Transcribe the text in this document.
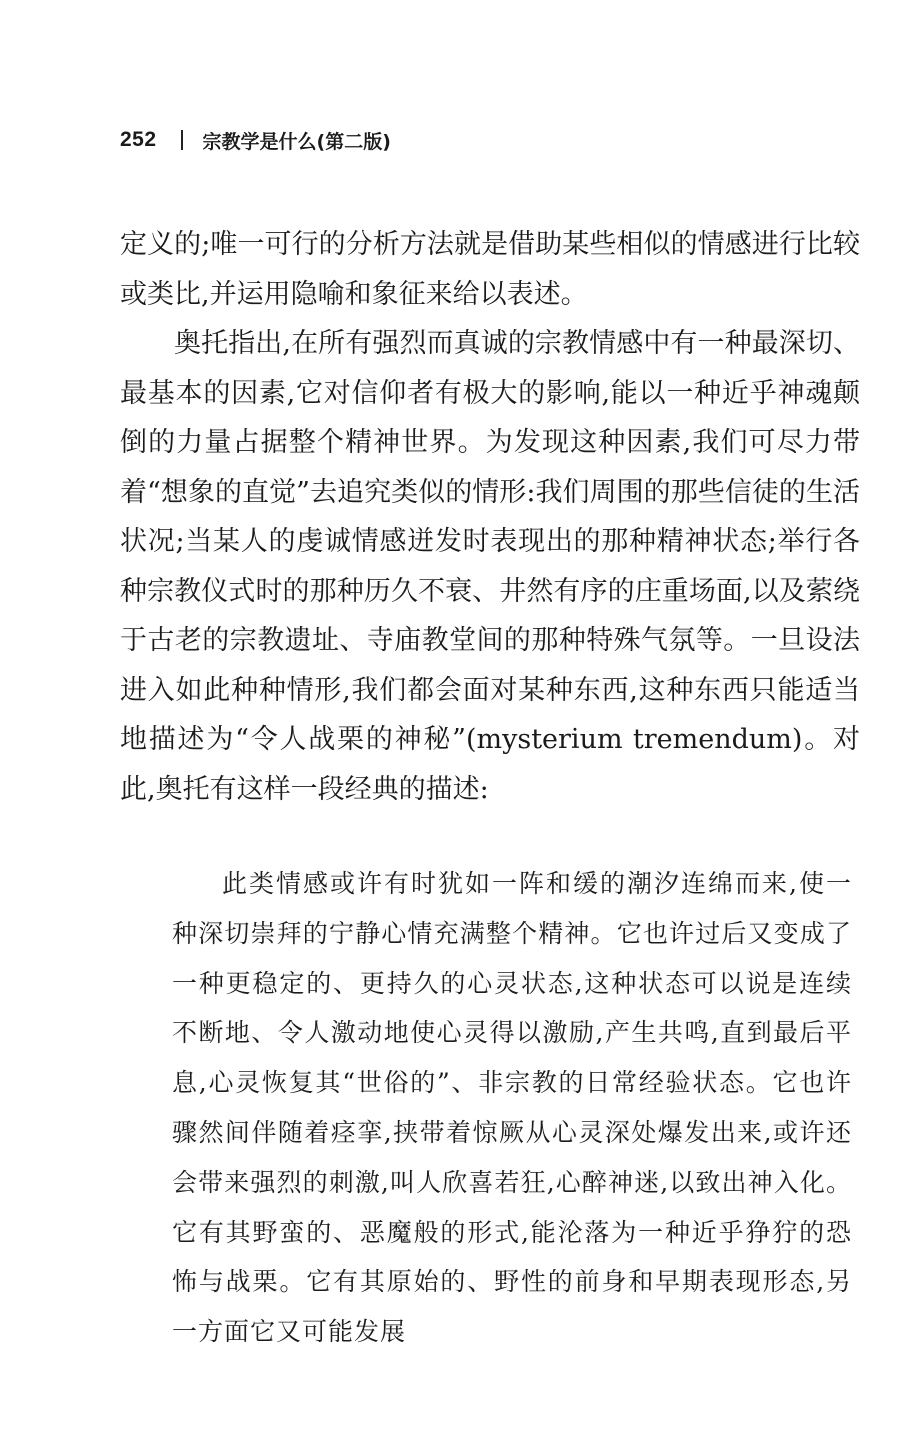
252 宗教学是什么(第二版)

定义的;唯一可行的分析方法就是借助某些相似的情感进行比较或类比,并运用隐喻和象征来给以表述。

奥托指出,在所有强烈而真诚的宗教情感中有一种最深切、最基本的因素,它对信仰者有极大的影响,能以一种近乎神魂颠倒的力量占据整个精神世界。为发现这种因素,我们可尽力带着“想象的直觉”去追究类似的情形:我们周围的那些信徒的生活状况;当某人的虔诚情感迸发时表现出的那种精神状态;举行各种宗教仪式时的那种历久不衰、井然有序的庄重场面,以及萦绕于古老的宗教遗址、寺庙教堂间的那种特殊气氛等。一旦设法进入如此种种情形,我们都会面对某种东西,这种东西只能适当地描述为“令人战栗的神秘”(mysterium tremendum)。对此,奥托有这样一段经典的描述:

此类情感或许有时犹如一阵和缓的潮汐连绵而来,使一种深切崇拜的宁静心情充满整个精神。它也许过后又变成了一种更稳定的、更持久的心灵状态,这种状态可以说是连续不断地、令人激动地使心灵得以激励,产生共鸣,直到最后平息,心灵恢复其“世俗的”、非宗教的日常经验状态。它也许骤然间伴随着痉挛,挟带着惊厥从心灵深处爆发出来,或许还会带来强烈的刺激,叫人欣喜若狂,心醉神迷,以致出神入化。它有其野蛮的、恶魔般的形式,能沦落为一种近乎狰狞的恐怖与战栗。它有其原始的、野性的前身和早期表现形态,另一方面它又可能发展
